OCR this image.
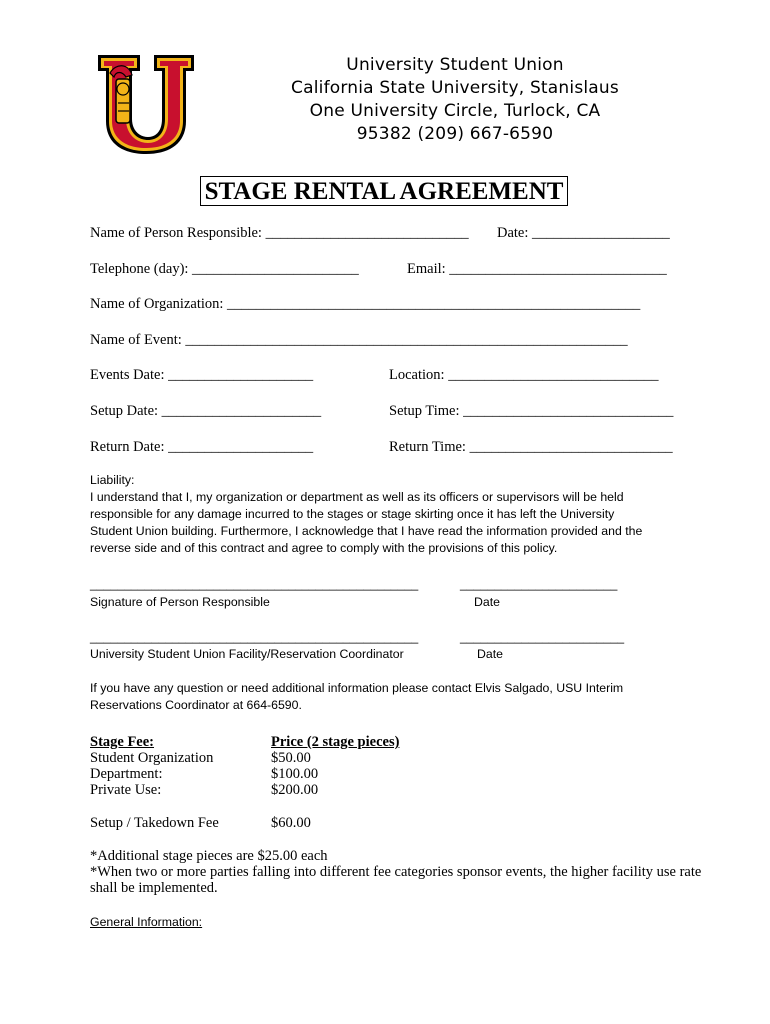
University Student Union
California State University, Stanislaus
One University Circle, Turlock, CA
95382 (209) 667-6590
STAGE RENTAL AGREEMENT
Name of Person Responsible: ____________________________ Date: ___________________
Telephone (day): _______________________	Email: ______________________________
Name of Organization: _________________________________________________________
Name of Event: _____________________________________________________________
Events Date: ____________________	Location: _____________________________
Setup Date: ______________________	Setup Time: _____________________________
Return Date: ____________________	Return Time: ____________________________
Liability:
I understand that I, my organization or department as well as its officers or supervisors will be held
responsible for any damage incurred to the stages or stage skirting once it has left the University
Student Union building. Furthermore, I acknowledge that I have read the information provided and the
reverse side and of this contract and agree to comply with the provisions of this policy.
________________________________________________	_______________________
Signature of Person Responsible	Date
________________________________________________	________________________
University Student Union Facility/Reservation Coordinator	Date
If you have any question or need additional information please contact Elvis Salgado, USU Interim
Reservations Coordinator at 664-6590.
Stage Fee:	Price (2 stage pieces)
Student Organization	$50.00
Department:	$100.00
Private Use:	$200.00
Setup / Takedown Fee	$60.00
*Additional stage pieces are $25.00 each
*When two or more parties falling into different fee categories sponsor events, the higher facility use rate
shall be implemented.
General Information:
